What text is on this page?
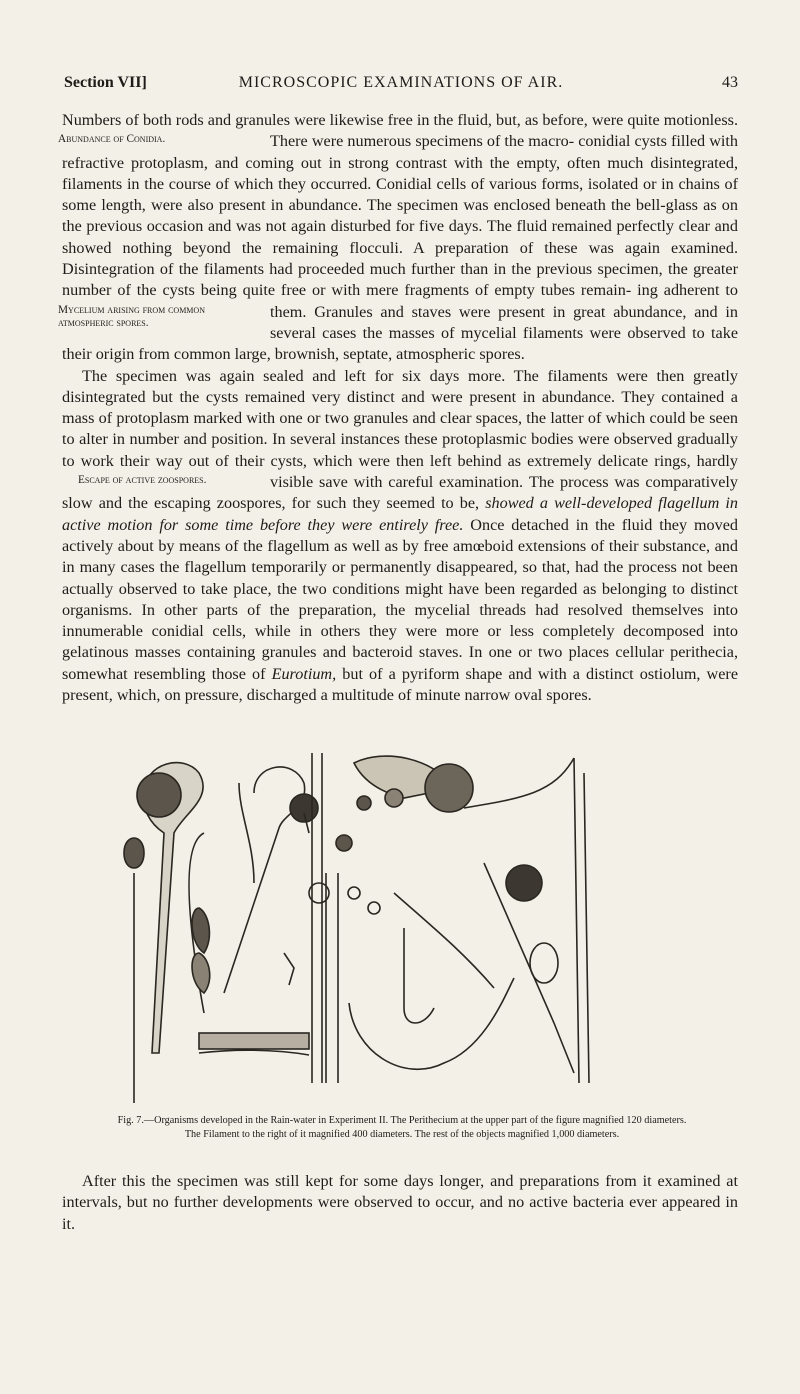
Section VII]	MICROSCOPIC EXAMINATIONS OF AIR.	43

Numbers of both rods and granules were likewise free in the fluid, but, as before, were quite motionless. There were numerous specimens of the macro-
Abundance of Conidia.	conidial cysts filled with refractive protoplasm, and coming out in strong contrast with the empty, often much disintegrated, filaments in the course of which they occurred. Conidial cells of various forms, isolated or in chains of some length, were also present in abundance. The specimen was enclosed beneath the bell-glass as on the previous occasion and was not again disturbed for five days. The fluid remained perfectly clear and showed nothing beyond the remaining flocculi. A preparation of these was again examined. Disintegration of the filaments had proceeded much further than in the previous specimen, the greater number of the cysts being quite free or with mere fragments of empty tubes remain-
Mycelium arising from common atmospheric spores.
ing adherent to them. Granules and staves were present in great abundance, and in several cases the masses of mycelial filaments were observed to take their origin from common large, brownish, septate, atmospheric spores.

The specimen was again sealed and left for six days more. The filaments were then greatly disintegrated but the cysts remained very distinct and were present in abundance. They contained a mass of protoplasm marked with one or two granules and clear spaces, the latter of which could be seen to alter in number and position. In several instances these protoplasmic bodies were observed gradually to work their way out of their cysts, which were then left behind as extremely delicate rings, hardly visible save with careful examination.
Escape of active zoospores.	The process was comparatively slow and the escaping zoospores, for such they seemed to be, showed a well-developed flagellum in active motion for some time before they were entirely free. Once detached in the fluid they moved actively about by means of the flagellum as well as by free amœboid extensions of their substance, and in many cases the flagellum temporarily or permanently disappeared, so that, had the process not been actually observed to take place, the two conditions might have been regarded as belonging to distinct organisms. In other parts of the preparation, the mycelial threads had resolved themselves into innumerable conidial cells, while in others they were more or less completely decomposed into gelatinous masses containing granules and bacteroid staves. In one or two places cellular perithecia, somewhat resembling those of Eurotium, but of a pyriform shape and with a distinct ostiolum, were present, which, on pressure, discharged a multitude of minute narrow oval spores.

Fig. 7.—Organisms developed in the Rain-water in Experiment II. The Perithecium at the upper part of the figure magnified 120 diameters.
The Filament to the right of it magnified 400 diameters. The rest of the objects magnified 1,000 diameters.

After this the specimen was still kept for some days longer, and preparations from it examined at intervals, but no further developments were observed to occur, and no active bacteria ever appeared in it.
